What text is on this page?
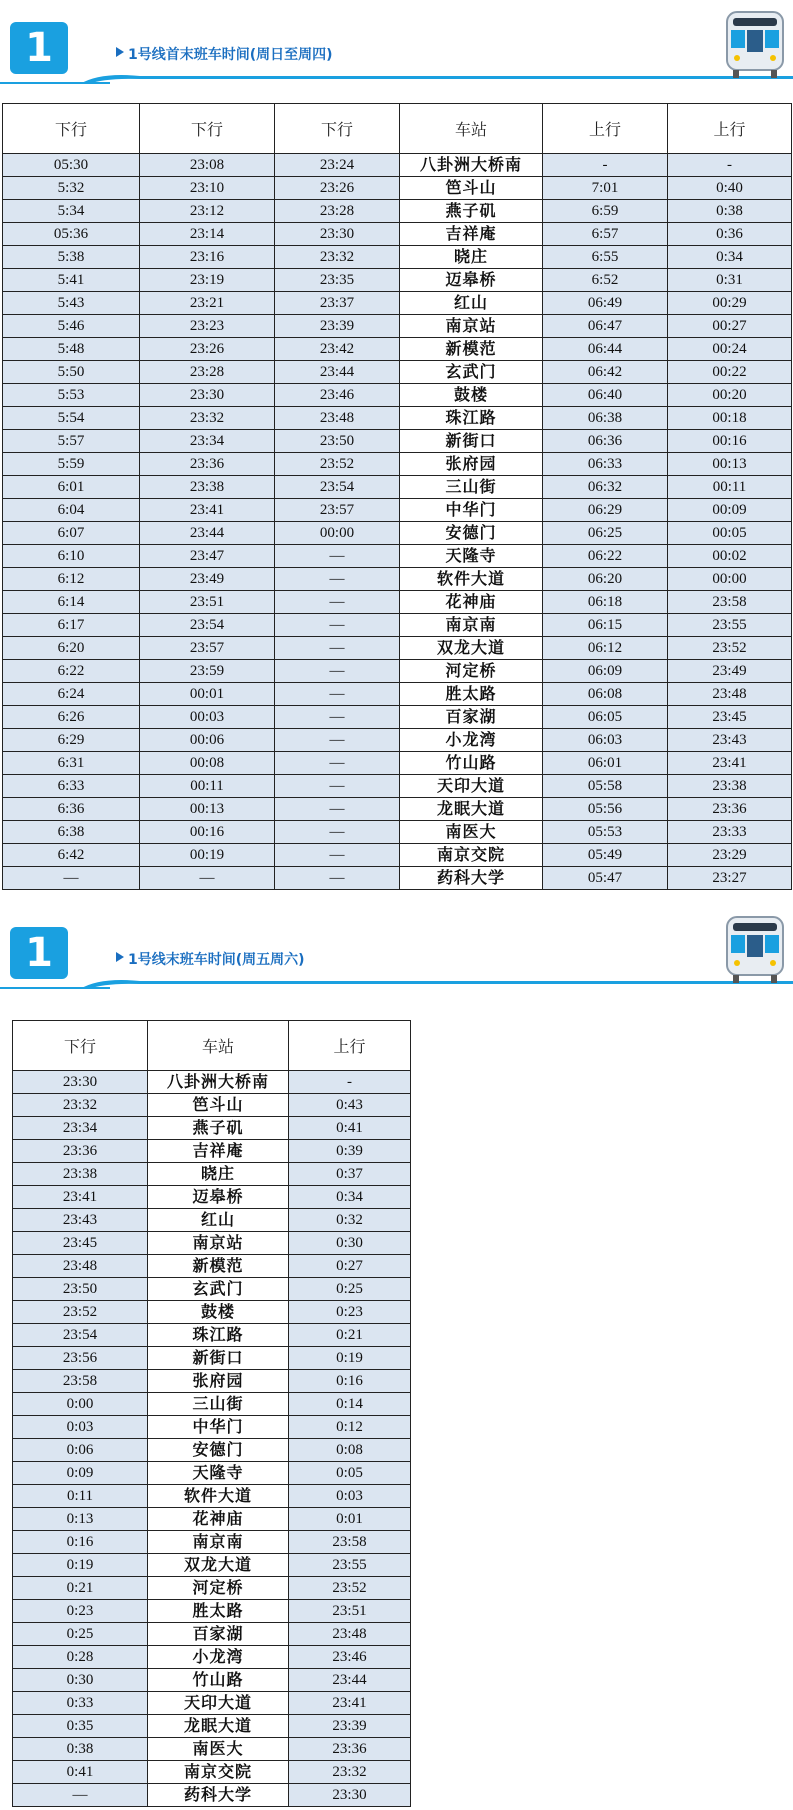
1	1号线首末班车时间(周日至周四)
下行	下行	下行	车站	上行	上行
05:30	23:08	23:24	八卦洲大桥南	-	-
5:32	23:10	23:26	笆斗山	7:01	0:40
5:34	23:12	23:28	燕子矶	6:59	0:38
05:36	23:14	23:30	吉祥庵	6:57	0:36
5:38	23:16	23:32	晓庄	6:55	0:34
5:41	23:19	23:35	迈皋桥	6:52	0:31
5:43	23:21	23:37	红山	06:49	00:29
5:46	23:23	23:39	南京站	06:47	00:27
5:48	23:26	23:42	新模范	06:44	00:24
5:50	23:28	23:44	玄武门	06:42	00:22
5:53	23:30	23:46	鼓楼	06:40	00:20
5:54	23:32	23:48	珠江路	06:38	00:18
5:57	23:34	23:50	新街口	06:36	00:16
5:59	23:36	23:52	张府园	06:33	00:13
6:01	23:38	23:54	三山街	06:32	00:11
6:04	23:41	23:57	中华门	06:29	00:09
6:07	23:44	00:00	安德门	06:25	00:05
6:10	23:47	—	天隆寺	06:22	00:02
6:12	23:49	—	软件大道	06:20	00:00
6:14	23:51	—	花神庙	06:18	23:58
6:17	23:54	—	南京南	06:15	23:55
6:20	23:57	—	双龙大道	06:12	23:52
6:22	23:59	—	河定桥	06:09	23:49
6:24	00:01	—	胜太路	06:08	23:48
6:26	00:03	—	百家湖	06:05	23:45
6:29	00:06	—	小龙湾	06:03	23:43
6:31	00:08	—	竹山路	06:01	23:41
6:33	00:11	—	天印大道	05:58	23:38
6:36	00:13	—	龙眠大道	05:56	23:36
6:38	00:16	—	南医大	05:53	23:33
6:42	00:19	—	南京交院	05:49	23:29
—	—	—	药科大学	05:47	23:27
1	1号线末班车时间(周五周六)
下行	车站	上行
23:30	八卦洲大桥南	-
23:32	笆斗山	0:43
23:34	燕子矶	0:41
23:36	吉祥庵	0:39
23:38	晓庄	0:37
23:41	迈皋桥	0:34
23:43	红山	0:32
23:45	南京站	0:30
23:48	新模范	0:27
23:50	玄武门	0:25
23:52	鼓楼	0:23
23:54	珠江路	0:21
23:56	新街口	0:19
23:58	张府园	0:16
0:00	三山街	0:14
0:03	中华门	0:12
0:06	安德门	0:08
0:09	天隆寺	0:05
0:11	软件大道	0:03
0:13	花神庙	0:01
0:16	南京南	23:58
0:19	双龙大道	23:55
0:21	河定桥	23:52
0:23	胜太路	23:51
0:25	百家湖	23:48
0:28	小龙湾	23:46
0:30	竹山路	23:44
0:33	天印大道	23:41
0:35	龙眠大道	23:39
0:38	南医大	23:36
0:41	南京交院	23:32
—	药科大学	23:30
